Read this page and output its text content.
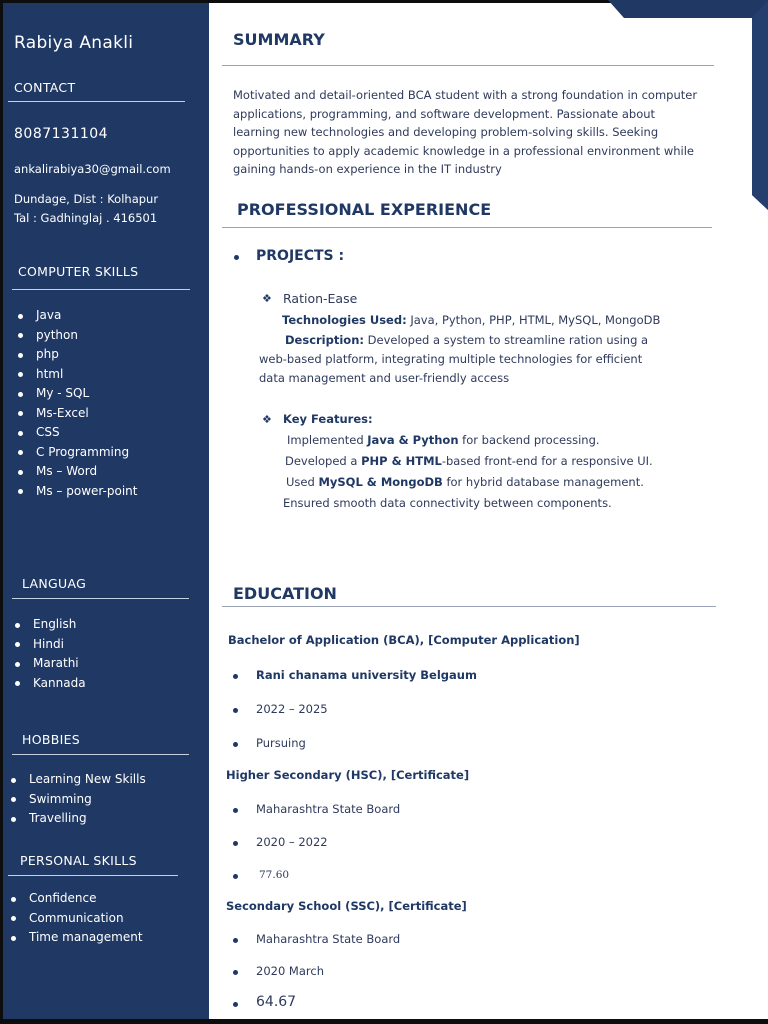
Rabiya Anakli
CONTACT
8087131104
ankalirabiya30@gmail.com
Dundage, Dist : Kolhapur
Tal : Gadhinglaj . 416501
COMPUTER SKILLS
Java
python
php
html
My - SQL
Ms-Excel
CSS
C Programming
Ms – Word
Ms – power-point
LANGUAG
English
Hindi
Marathi
Kannada
HOBBIES
Learning New Skills
Swimming
Travelling
PERSONAL SKILLS
Confidence
Communication
Time management
SUMMARY
Motivated and detail-oriented BCA student with a strong foundation in computer
applications, programming, and software development. Passionate about
learning new technologies and developing problem-solving skills. Seeking
opportunities to apply academic knowledge in a professional environment while
gaining hands-on experience in the IT industry
PROFESSIONAL EXPERIENCE
PROJECTS :
❖ Ration-Ease
Technologies Used: Java, Python, PHP, HTML, MySQL, MongoDB
Description: Developed a system to streamline ration using a
web-based platform, integrating multiple technologies for efficient
data management and user-friendly access
❖ Key Features:
Implemented Java & Python for backend processing.
Developed a PHP & HTML-based front-end for a responsive UI.
Used MySQL & MongoDB for hybrid database management.
Ensured smooth data connectivity between components.
EDUCATION
Bachelor of Application (BCA), [Computer Application]
Rani chanama university Belgaum
2022 – 2025
Pursuing
Higher Secondary (HSC), [Certificate]
Maharashtra State Board
2020 – 2022
77.60
Secondary School (SSC), [Certificate]
Maharashtra State Board
2020 March
64.67
